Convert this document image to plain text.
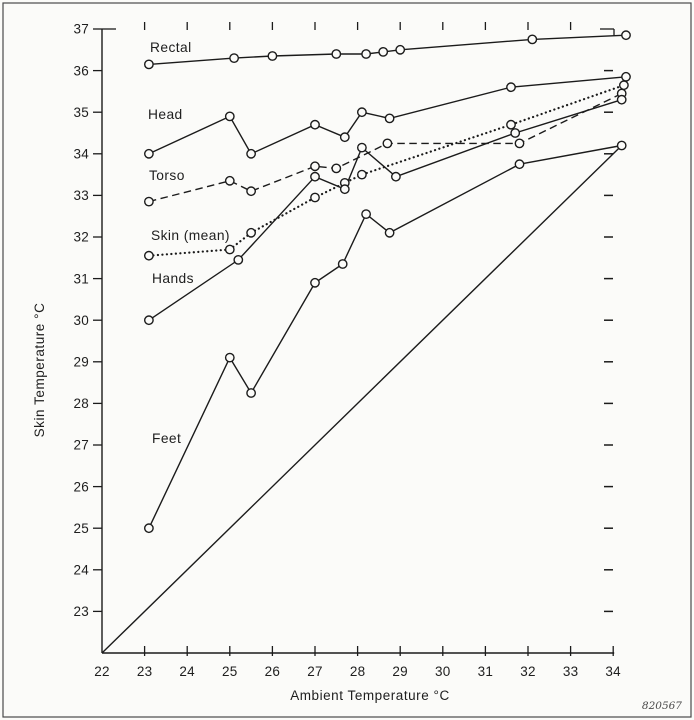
23
24
25
26
27
28
29
30
31
32
33
34
35
36
37
22 23 24 25 26 27 28 29 30 31 32 33 34
Rectal
Head
Torso
Skin (mean)
Hands
Feet
Ambient Temperature °C
Skin Temperature °C
820567
